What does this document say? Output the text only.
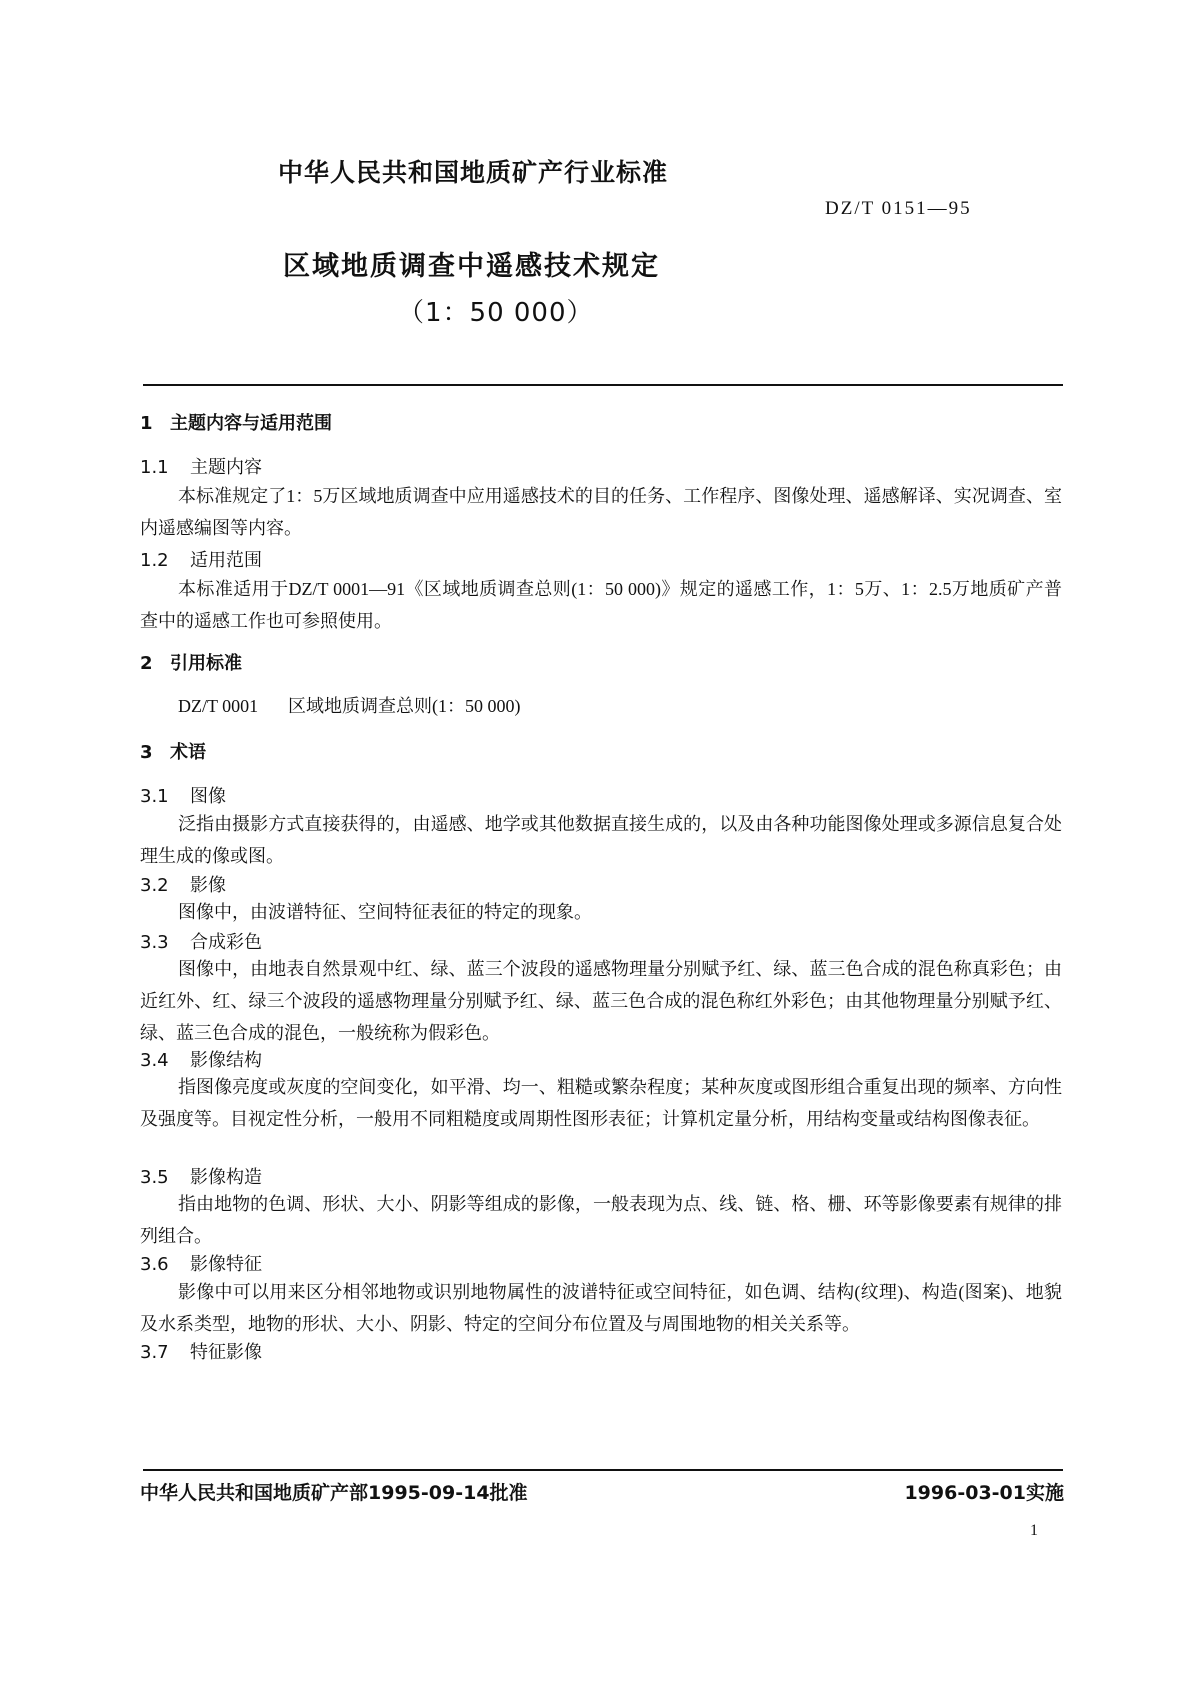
中华人民共和国地质矿产行业标准
DZ/T 0151—95
区域地质调查中遥感技术规定
（1：50 000）
1 主题内容与适用范围
1.1 主题内容

本标准规定了1：5万区域地质调查中应用遥感技术的目的任务、工作程序、图像处理、遥感解译、实况调查、室内遥感编图等内容。

1.2 适用范围

本标准适用于DZ/T 0001—91《区域地质调查总则(1：50 000)》规定的遥感工作，1：5万、1：2.5万地质矿产普查中的遥感工作也可参照使用。

2 引用标准
DZ/T 0001 区域地质调查总则(1：50 000)
3 术语
3.1 图像

泛指由摄影方式直接获得的，由遥感、地学或其他数据直接生成的，以及由各种功能图像处理或多源信息复合处理生成的像或图。

3.2 影像

图像中，由波谱特征、空间特征表征的特定的现象。

3.3 合成彩色

图像中，由地表自然景观中红、绿、蓝三个波段的遥感物理量分别赋予红、绿、蓝三色合成的混色称真彩色；由近红外、红、绿三个波段的遥感物理量分别赋予红、绿、蓝三色合成的混色称红外彩色；由其他物理量分别赋予红、绿、蓝三色合成的混色，一般统称为假彩色。

3.4 影像结构

指图像亮度或灰度的空间变化，如平滑、均一、粗糙或繁杂程度；某种灰度或图形组合重复出现的频率、方向性及强度等。目视定性分析，一般用不同粗糙度或周期性图形表征；计算机定量分析，用结构变量或结构图像表征。

3.5 影像构造

指由地物的色调、形状、大小、阴影等组成的影像，一般表现为点、线、链、格、栅、环等影像要素有规律的排列组合。

3.6 影像特征

影像中可以用来区分相邻地物或识别地物属性的波谱特征或空间特征，如色调、结构(纹理)、构造(图案)、地貌及水系类型，地物的形状、大小、阴影、特定的空间分布位置及与周围地物的相关关系等。

3.7 特征影像
中华人民共和国地质矿产部1995-09-14批准	1996-03-01实施
1
